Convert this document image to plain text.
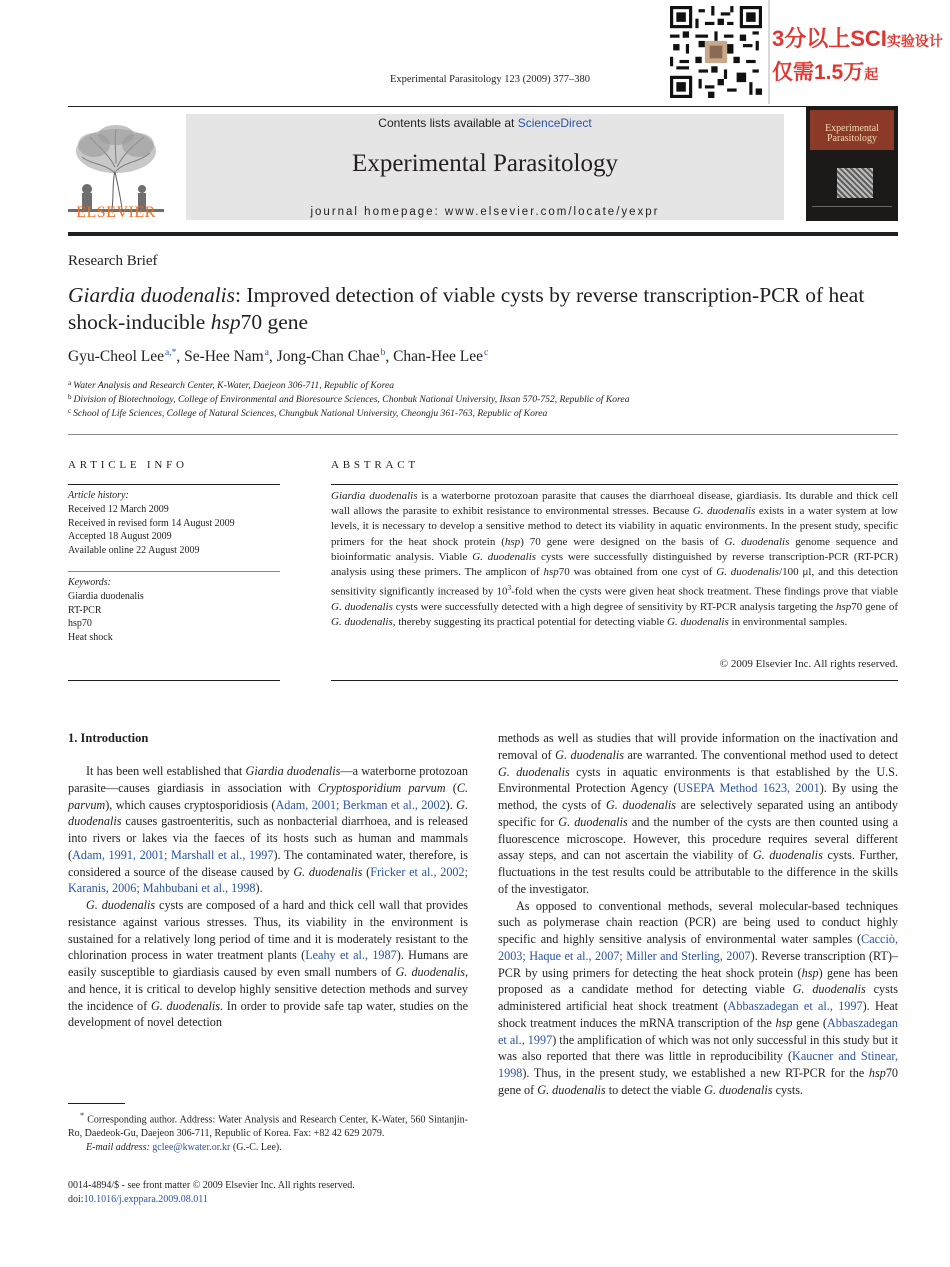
Experimental Parasitology 123 (2009) 377–380
3分以上SCI实验设计
仅需1.5万起
ELSEVIER
Contents lists available at ScienceDirect
Experimental Parasitology
journal homepage: www.elsevier.com/locate/yexpr
Experimental Parasitology
Research Brief
Giardia duodenalis: Improved detection of viable cysts by reverse transcription-PCR of heat shock-inducible hsp70 gene
Gyu-Cheol Lee$^{a,*}$, Se-Hee Nam$^a$, Jong-Chan Chae$^b$, Chan-Hee Lee$^c$
$^a$ Water Analysis and Research Center, K-Water, Daejeon 306-711, Republic of Korea
$^b$ Division of Biotechnology, College of Environmental and Bioresource Sciences, Chonbuk National University, Iksan 570-752, Republic of Korea
$^c$ School of Life Sciences, College of Natural Sciences, Chungbuk National University, Cheongju 361-763, Republic of Korea
ARTICLE INFO
Article history:
Received 12 March 2009
Received in revised form 14 August 2009
Accepted 18 August 2009
Available online 22 August 2009
Keywords:
Giardia duodenalis
RT-PCR
hsp70
Heat shock
ABSTRACT
Giardia duodenalis is a waterborne protozoan parasite that causes the diarrhoeal disease, giardiasis. Its durable and thick cell wall allows the parasite to exhibit resistance to environmental stresses. Because G. duodenalis exists in a water system at low levels, it is necessary to develop a sensitive method to detect its viability in aquatic environments. In the present study, specific primers for the heat shock protein (hsp) 70 gene were designed on the basis of G. duodenalis genome sequence and bioinformatic analysis. Viable G. duodenalis cysts were successfully distinguished by reverse transcription-PCR (RT-PCR) analysis using these primers. The amplicon of hsp70 was obtained from one cyst of G. duodenalis/100 μl, and this detection sensitivity significantly increased by $10^3$-fold when the cysts were given heat shock treatment. These findings prove that viable G. duodenalis cysts were successfully detected with a high degree of sensitivity by RT-PCR analysis targeting the hsp70 gene of G. duodenalis, thereby suggesting its practical potential for detecting viable G. duodenalis in environmental samples.
© 2009 Elsevier Inc. All rights reserved.
1. Introduction

It has been well established that Giardia duodenalis—a waterborne protozoan parasite—causes giardiasis in association with Cryptosporidium parvum (C. parvum), which causes cryptosporidiosis (Adam, 2001; Berkman et al., 2002). G. duodenalis causes gastroenteritis, such as nonbacterial diarrhoea, and is released into rivers or lakes via the faeces of its hosts such as human and mammals (Adam, 1991, 2001; Marshall et al., 1997). The contaminated water, therefore, is considered a source of the disease caused by G. duodenalis (Fricker et al., 2002; Karanis, 2006; Mahbubani et al., 1998).

G. duodenalis cysts are composed of a hard and thick cell wall that provides resistance against various stresses. Thus, its viability in the environment is sustained for a relatively long period of time and it is moderately resistant to the chlorination process in water treatment plants (Leahy et al., 1987). Humans are easily susceptible to giardiasis caused by even small numbers of G. duodenalis, and hence, it is critical to develop highly sensitive detection methods and survey the incidence of G. duodenalis. In order to provide safe tap water, studies on the development of novel detection

methods as well as studies that will provide information on the inactivation and removal of G. duodenalis are warranted. The conventional method used to detect G. duodenalis cysts in aquatic environments is that established by the U.S. Environmental Protection Agency (USEPA Method 1623, 2001). By using the method, the cysts of G. duodenalis are selectively separated using an antibody specific for G. duodenalis and the number of the cysts are then counted using a fluorescence microscope. However, this procedure requires several different assay steps, and can not ascertain the viability of G. duodenalis cysts. Further, fluctuations in the test results could be attributable to the difference in the skills of the investigator.

As opposed to conventional methods, several molecular-based techniques such as polymerase chain reaction (PCR) are being used to conduct highly specific and highly sensitive analysis of environmental water samples (Cacciò, 2003; Haque et al., 2007; Miller and Sterling, 2007). Reverse transcription (RT)–PCR by using primers for detecting the heat shock protein (hsp) gene has been proposed as a candidate method for detecting viable G. duodenalis cysts administered artificial heat shock treatment (Abbaszadegan et al., 1997). Heat shock treatment induces the mRNA transcription of the hsp gene (Abbaszadegan et al., 1997) the amplification of which was not only successful in this study but it was also reported that there was little in reproducibility (Kaucner and Stinear, 1998). Thus, in the present study, we established a new RT-PCR for the hsp70 gene of G. duodenalis to detect the viable G. duodenalis cysts.

* Corresponding author. Address: Water Analysis and Research Center, K-Water, 560 Sintanjin-Ro, Daedeok-Gu, Daejeon 306-711, Republic of Korea. Fax: +82 42 629 2079.

E-mail address: gclee@kwater.or.kr (G.-C. Lee).

0014-4894/$ - see front matter © 2009 Elsevier Inc. All rights reserved.
doi:10.1016/j.exppara.2009.08.011
